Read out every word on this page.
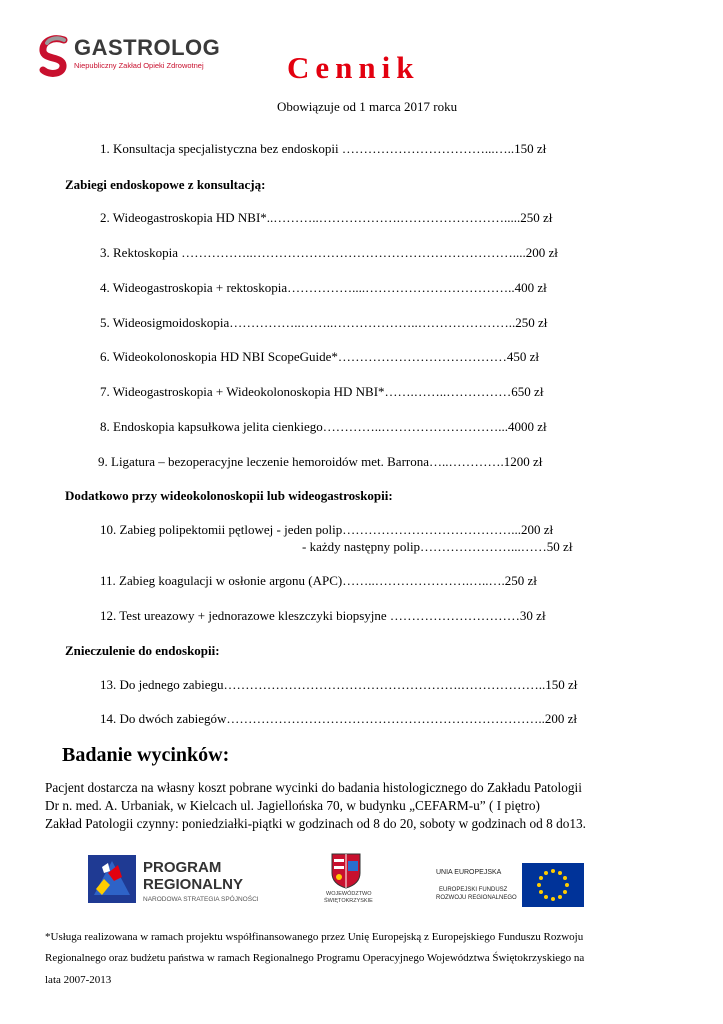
GASTROLOG
Niepubliczny Zakład Opieki Zdrowotnej	Cennik
Obowiązuje od 1 marca 2017 roku
1. Konsultacja specjalistyczna bez endoskopii ……………………………...…..150 zł
Zabiegi endoskopowe z konsultacją:
2. Wideogastroskopia HD NBI*..………..……………….…………………….....250 zł
3. Rektoskopia ……………..……………………………………………………....200 zł
4. Wideogastroskopia + rektoskopia……………....……………………………..400 zł
5. Wideosigmoidoskopia……………..……..………………..…………………..250 zł
6. Wideokolonoskopia HD NBI ScopeGuide*…………………………………450 zł
7. Wideogastroskopia + Wideokolonoskopia HD NBI*…….……..……………650 zł
8. Endoskopia kapsułkowa jelita cienkiego…………..………………………...4000 zł
9. Ligatura – bezoperacyjne leczenie hemoroidów met. Barrona…..………….1200 zł
Dodatkowo przy wideokolonoskopii lub wideogastroskopii:
10. Zabieg polipektomii pętlowej - jeden polip…………………………………...200 zł
- każdy następny polip…………………...……50 zł
11. Zabieg koagulacji w osłonie argonu (APC)……..………………….…..….250 zł
12. Test ureazowy + jednorazowe kleszczyki biopsyjne …………………………30 zł
Znieczulenie do endoskopii:
13. Do jednego zabiegu……………………………………………….………………..150 zł
14. Do dwóch zabiegów………………………………………………………………..200 zł
Badanie wycinków:
Pacjent dostarcza na własny koszt pobrane wycinki do badania histologicznego do Zakładu Patologii
Dr n. med. A. Urbaniak, w Kielcach ul. Jagiellońska 70, w budynku „CEFARM-u” ( I piętro)
Zakład Patologii czynny: poniedziałki-piątki w godzinach od 8 do 20, soboty w godzinach od 8 do13.
PROGRAM
REGIONALNY
NARODOWA STRATEGIA SPÓJNOŚCI
WOJEWÓDZTWO
ŚWIĘTOKRZYSKIE
UNIA EUROPEJSKA
EUROPEJSKI FUNDUSZ
ROZWOJU REGIONALNEGO
*Usługa realizowana w ramach projektu współfinansowanego przez Unię Europejską z Europejskiego Funduszu Rozwoju
Regionalnego oraz budżetu państwa w ramach Regionalnego Programu Operacyjnego Województwa Świętokrzyskiego na
lata 2007-2013
